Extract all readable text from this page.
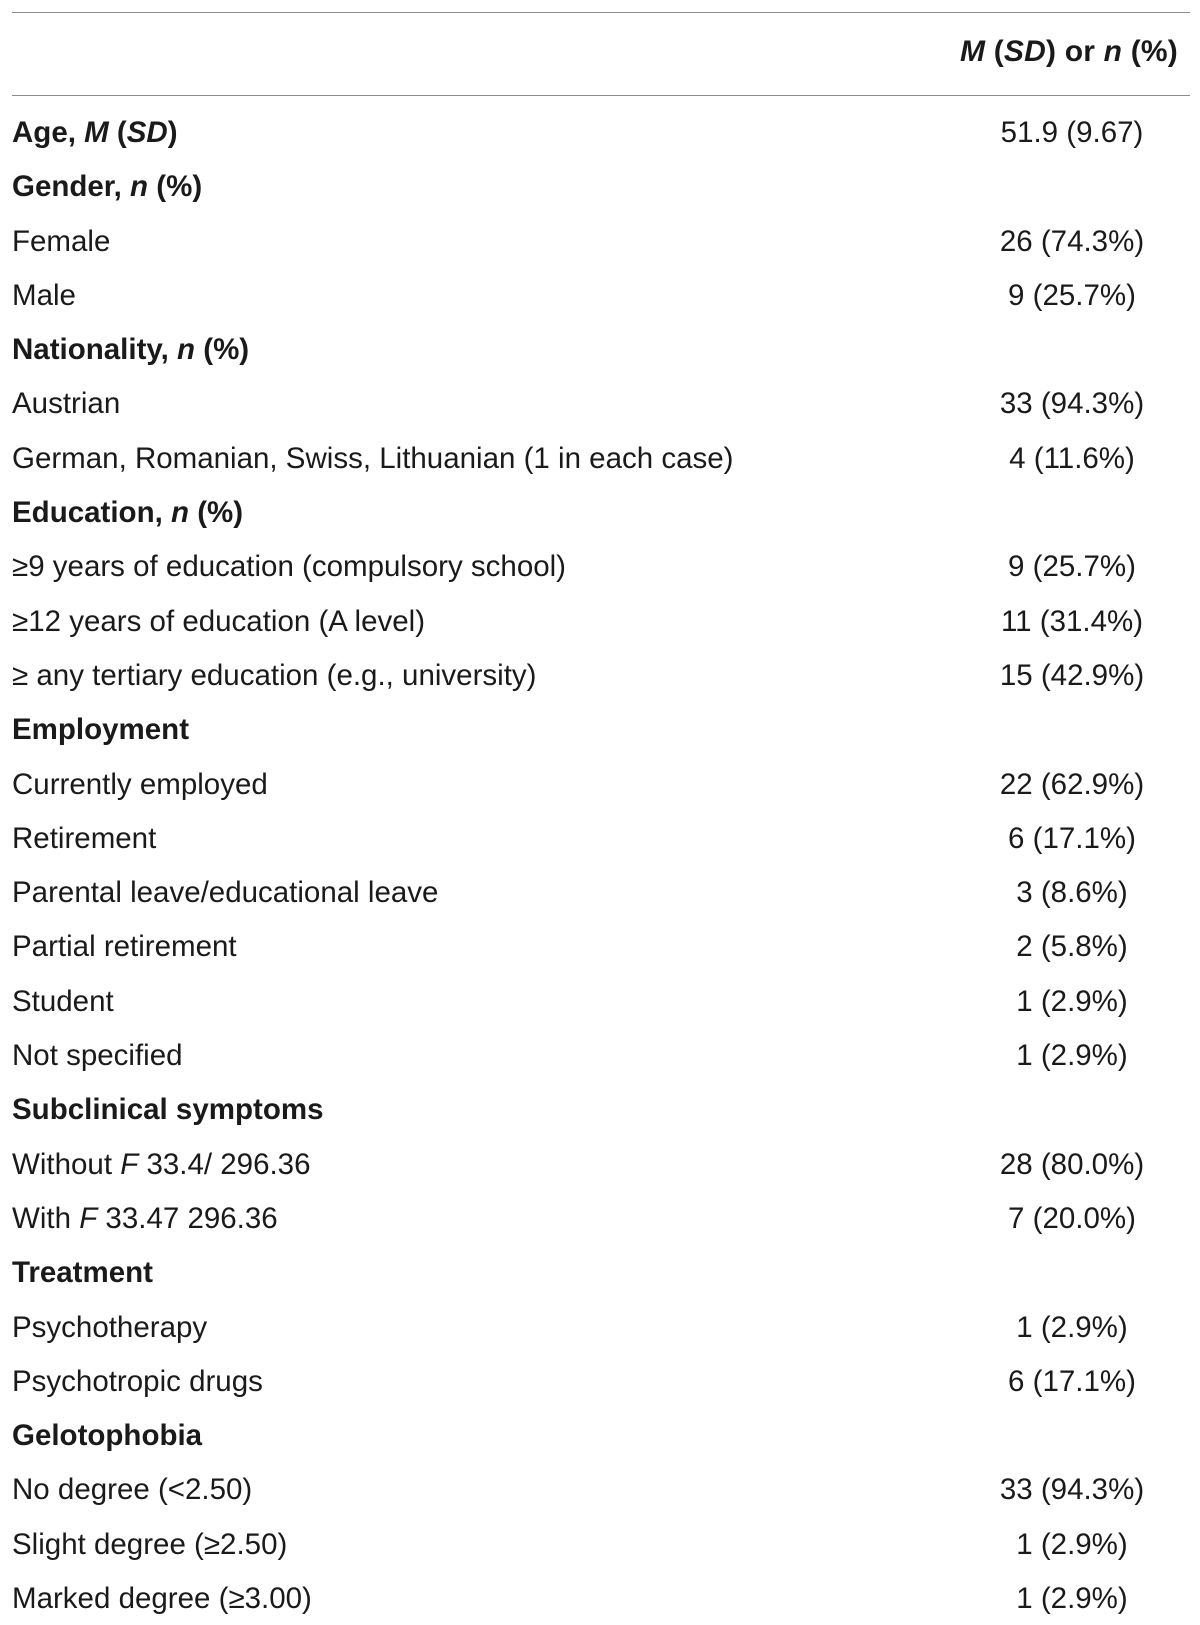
M (SD) or n (%)
Age, M (SD)	51.9 (9.67)
Gender, n (%)
Female	26 (74.3%)
Male	9 (25.7%)
Nationality, n (%)
Austrian	33 (94.3%)
German, Romanian, Swiss, Lithuanian (1 in each case)	4 (11.6%)
Education, n (%)
≥9 years of education (compulsory school)	9 (25.7%)
≥12 years of education (A level)	11 (31.4%)
≥ any tertiary education (e.g., university)	15 (42.9%)
Employment
Currently employed	22 (62.9%)
Retirement	6 (17.1%)
Parental leave/educational leave	3 (8.6%)
Partial retirement	2 (5.8%)
Student	1 (2.9%)
Not specified	1 (2.9%)
Subclinical symptoms
Without F 33.4/ 296.36	28 (80.0%)
With F 33.47 296.36	7 (20.0%)
Treatment
Psychotherapy	1 (2.9%)
Psychotropic drugs	6 (17.1%)
Gelotophobia
No degree (<2.50)	33 (94.3%)
Slight degree (≥2.50)	1 (2.9%)
Marked degree (≥3.00)	1 (2.9%)
